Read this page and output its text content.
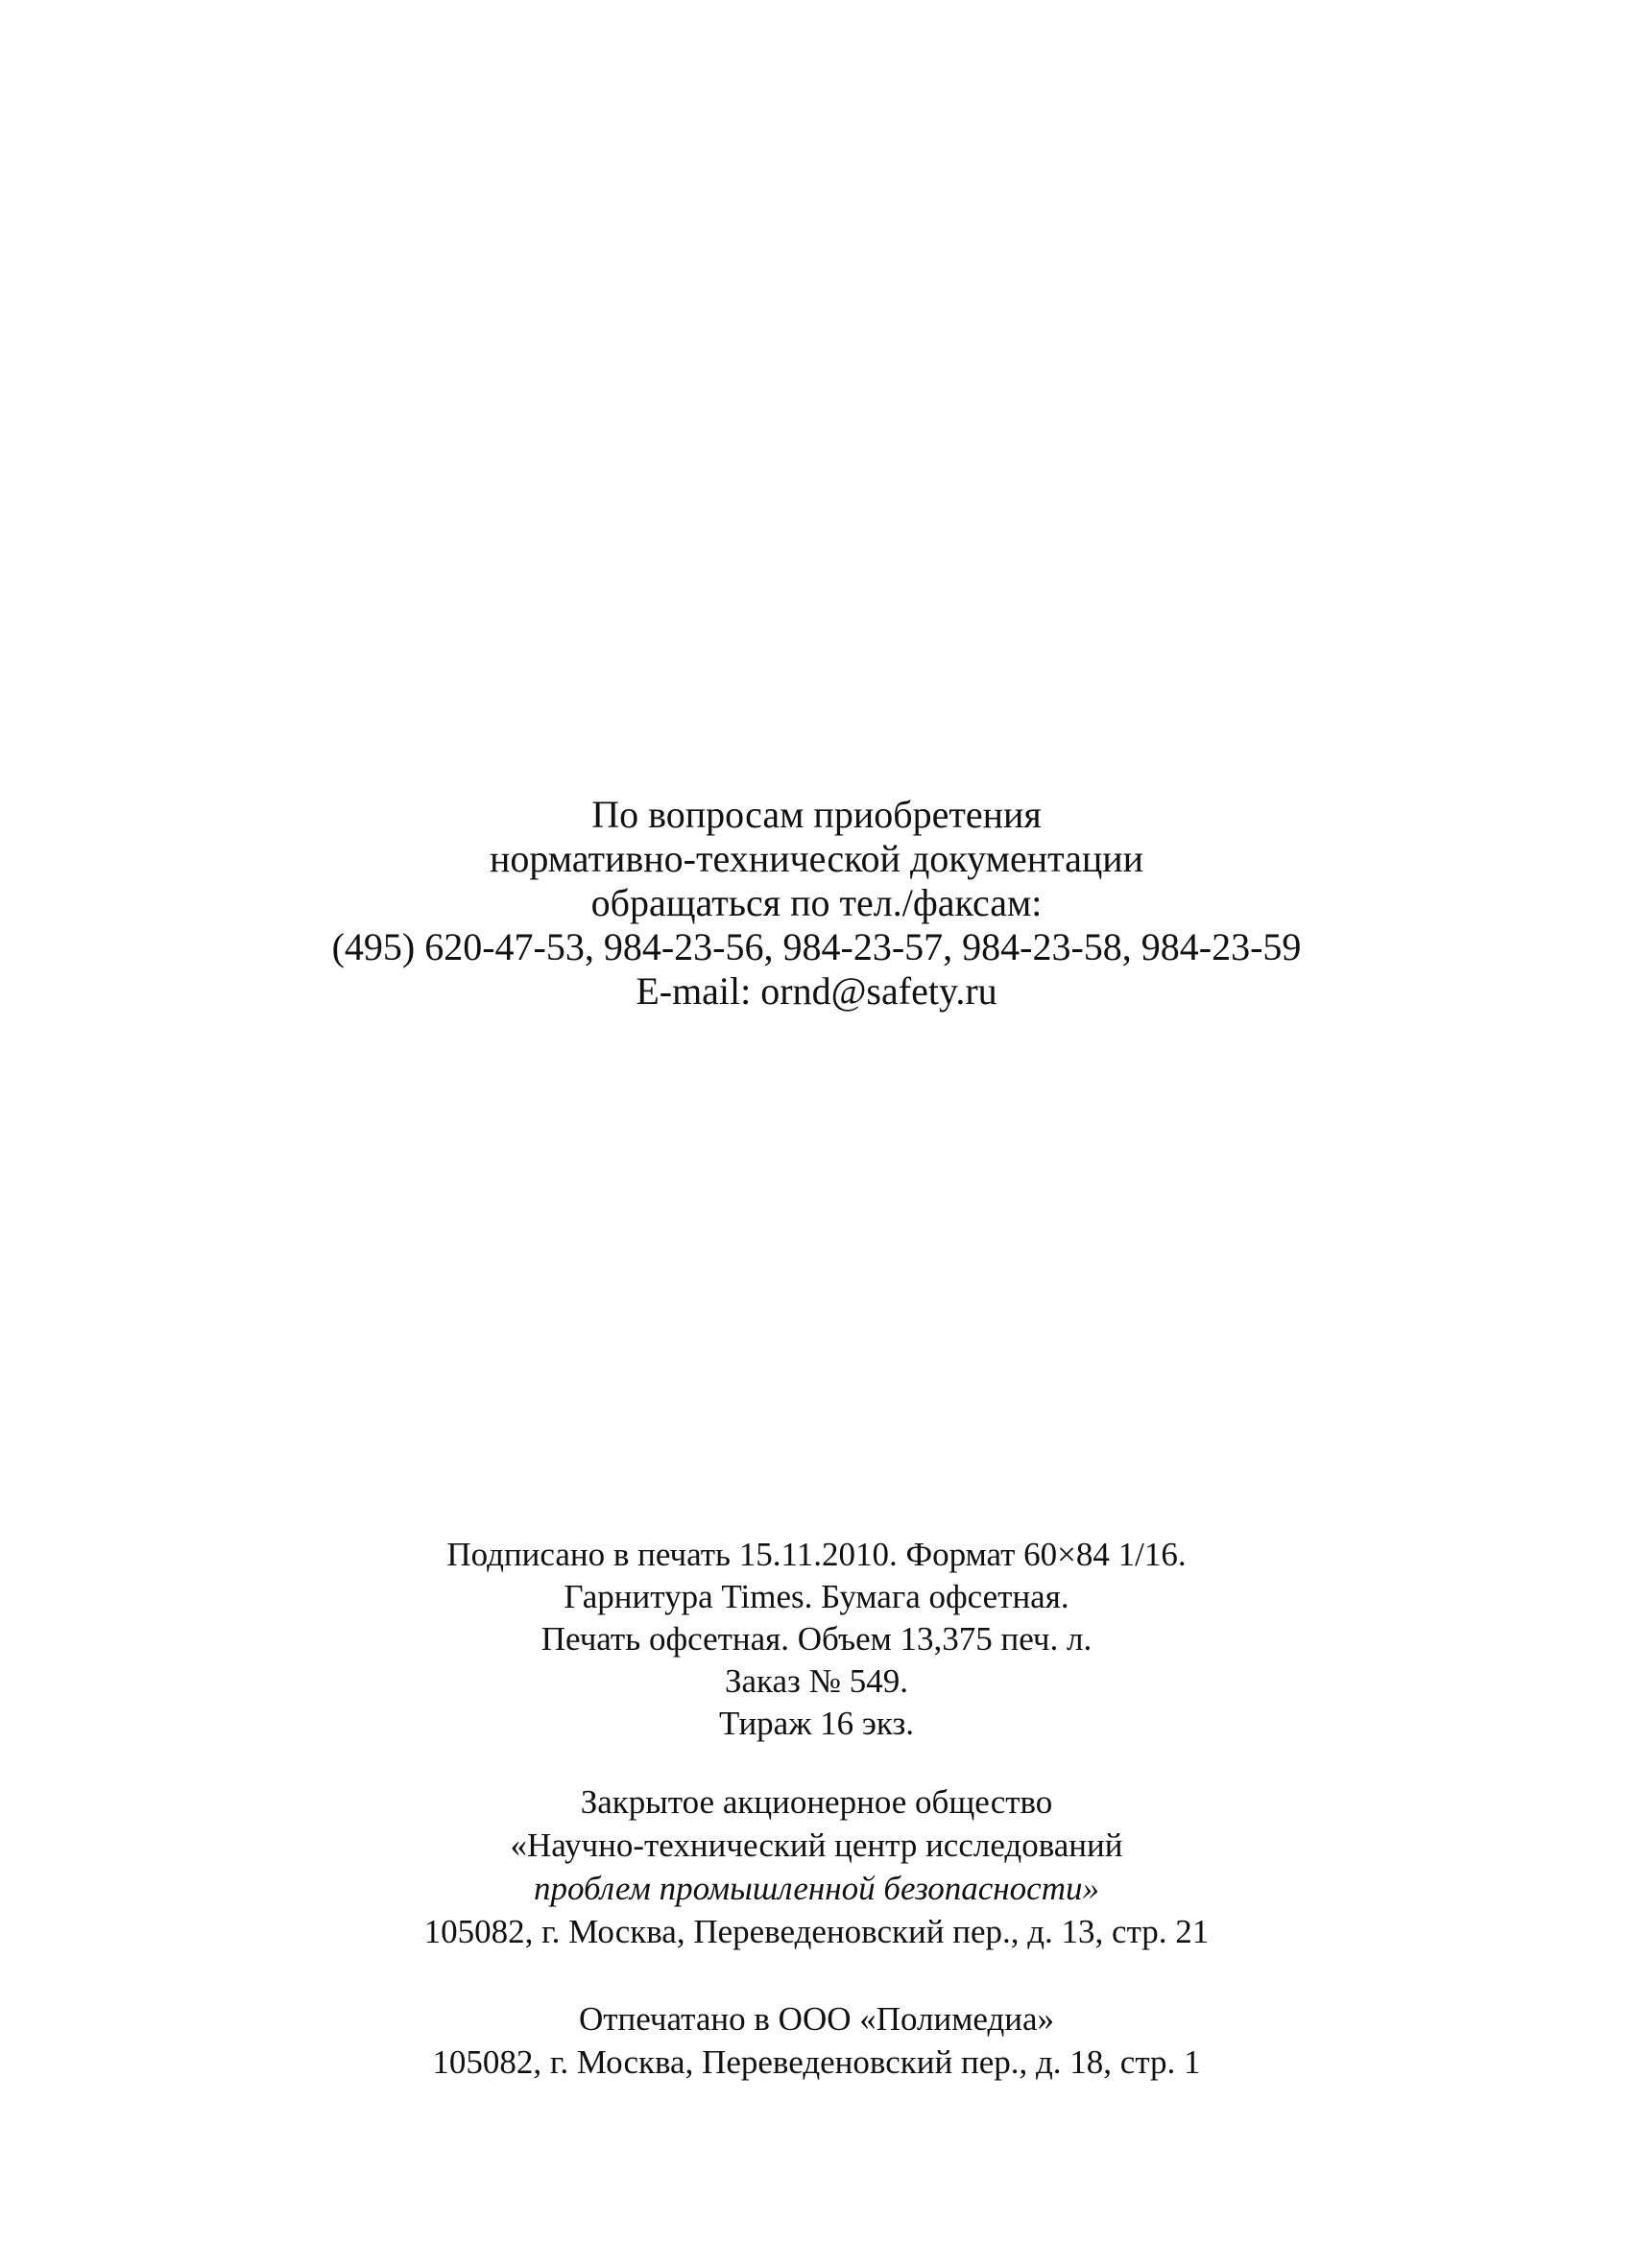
По вопросам приобретения
нормативно-технической документации
обращаться по тел./факсам:
(495) 620-47-53, 984-23-56, 984-23-57, 984-23-58, 984-23-59
E-mail: ornd@safety.ru
Подписано в печать 15.11.2010. Формат 60×84 1/16.
Гарнитура Times. Бумага офсетная.
Печать офсетная. Объем 13,375 печ. л.
Заказ № 549.
Тираж 16 экз.
Закрытое акционерное общество
«Научно-технический центр исследований
проблем промышленной безопасности»
105082, г. Москва, Переведеновский пер., д. 13, стр. 21
Отпечатано в ООО «Полимедиа»
105082, г. Москва, Переведеновский пер., д. 18, стр. 1
